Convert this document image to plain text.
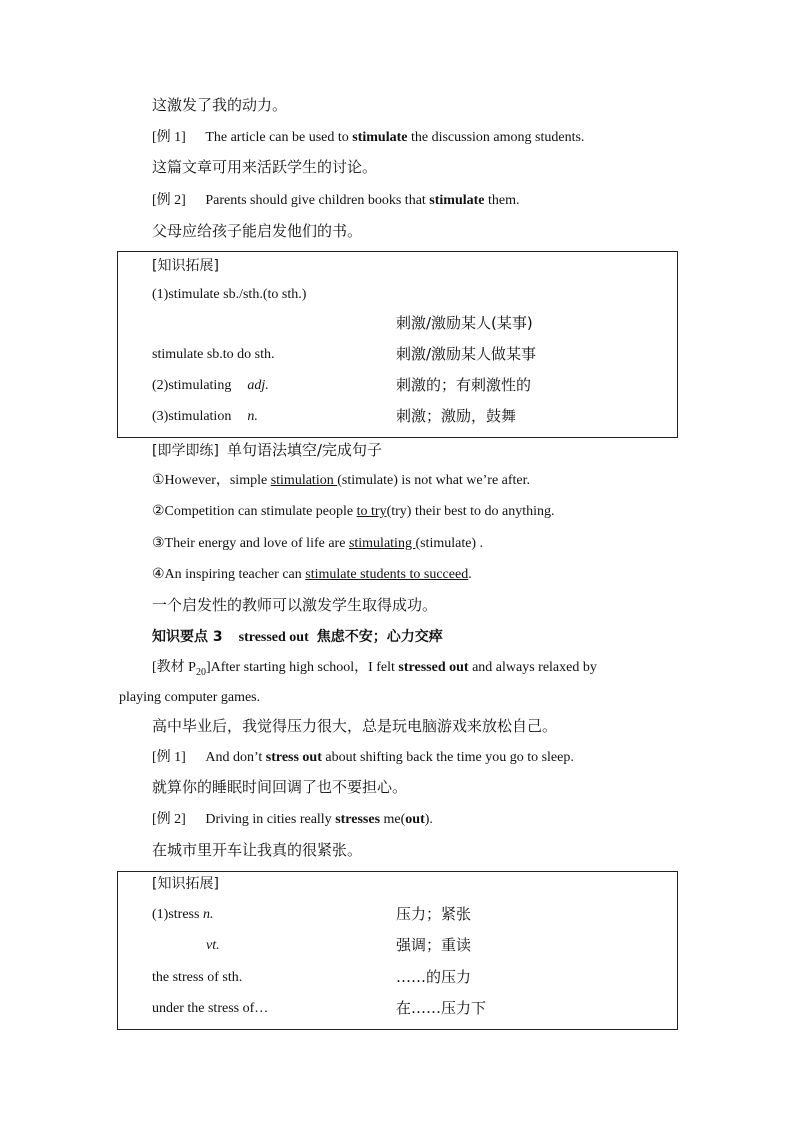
这激发了我的动力。
[例 1] The article can be used to stimulate the discussion among students.
这篇文章可用来活跃学生的讨论。
[例 2] Parents should give children books that stimulate them.
父母应给孩子能启发他们的书。
[知识拓展]
(1)stimulate sb./sth.(to sth.)
刺激/激励某人(某事)
stimulate sb.to do sth.	刺激/激励某人做某事
(2)stimulating adj.	刺激的；有刺激性的
(3)stimulation n.	刺激；激励，鼓舞
[即学即练] 单句语法填空/完成句子
①However，simple stimulation (stimulate) is not what we’re after.
②Competition can stimulate people to try(try) their best to do anything.
③Their energy and love of life are stimulating (stimulate) .
④An inspiring teacher can stimulate students to succeed.
一个启发性的教师可以激发学生取得成功。
知识要点 3 stressed out 焦虑不安；心力交瘁
[教材 $P_{20}]After$ starting high school，I felt stressed out and always relaxed by
playing computer games.
高中毕业后，我觉得压力很大，总是玩电脑游戏来放松自己。
[例 1] And don’t stress out about shifting back the time you go to sleep.
就算你的睡眠时间回调了也不要担心。
[例 2] Driving in cities really stresses me(out).
在城市里开车让我真的很紧张。
[知识拓展]
(1)stress n.	压力；紧张
vt.	强调；重读
the stress of sth.	……的压力
under the stress of…	在……压力下
